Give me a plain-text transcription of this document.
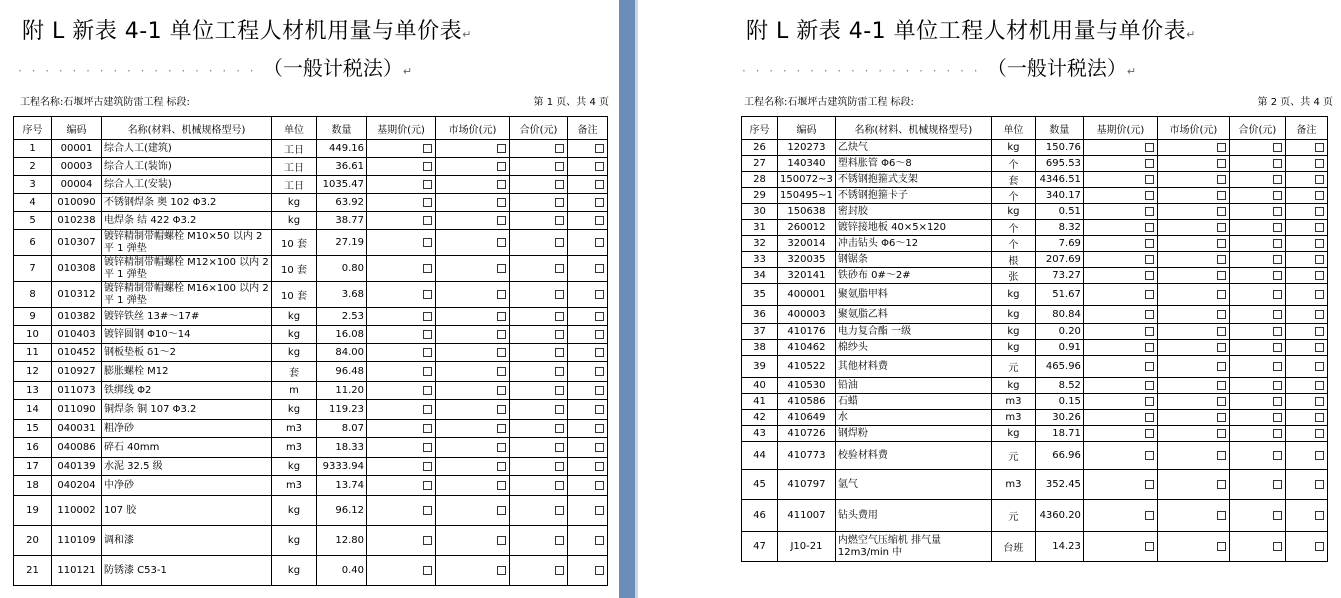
附 L 新表 4-1 单位工程人材机用量与单价表↵
· · · · · · · · · · · · · · · · · · （一般计税法）↵
工程名称:石堰坪古建筑防雷工程 标段:	第 1 页、共 4 页
序号	编码	名称(材料、机械规格型号)	单位	数量	基期价(元)	市场价(元)	合价(元)	备注
1	00001	综合人工(建筑)	工日	449.16				
2	00003	综合人工(装饰)	工日	36.61				
3	00004	综合人工(安装)	工日	1035.47				
4	010090	不锈钢焊条 奥 102 Φ3.2	kg	63.92				
5	010238	电焊条 结 422 Φ3.2	kg	38.77				
6	010307	镀锌精制带帽螺栓 M10×50 以内 2 平 1 弹垫	10 套	27.19				
7	010308	镀锌精制带帽螺栓 M12×100 以内 2 平 1 弹垫	10 套	0.80				
8	010312	镀锌精制带帽螺栓 M16×100 以内 2 平 1 弹垫	10 套	3.68				
9	010382	镀锌铁丝 13#～17#	kg	2.53				
10	010403	镀锌圆钢 Φ10～14	kg	16.08				
11	010452	钢板垫板 δ1～2	kg	84.00				
12	010927	膨胀螺栓 M12	套	96.48				
13	011073	铁绑线 Φ2	m	11.20				
14	011090	铜焊条 铜 107 Φ3.2	kg	119.23				
15	040031	粗净砂	m3	8.07				
16	040086	碎石 40mm	m3	18.33				
17	040139	水泥 32.5 级	kg	9333.94				
18	040204	中净砂	m3	13.74				
19	110002	107 胶	kg	96.12				
20	110109	调和漆	kg	12.80				
21	110121	防锈漆 C53-1	kg	0.40				
附 L 新表 4-1 单位工程人材机用量与单价表↵
· · · · · · · · · · · · · · · · · · （一般计税法）↵
工程名称:石堰坪古建筑防雷工程 标段:	第 2 页、共 4 页
序号	编码	名称(材料、机械规格型号)	单位	数量	基期价(元)	市场价(元)	合价(元)	备注
26	120273	乙炔气	kg	150.76				
27	140340	塑料胀管 Φ6～8	个	695.53				
28	150072~3	不锈钢抱箍式支架	套	4346.51				
29	150495~1	不锈钢抱箍卡子	个	340.17				
30	150638	密封胶	kg	0.51				
31	260012	镀锌接地板 40×5×120	个	8.32				
32	320014	冲击钻头 Φ6～12	个	7.69				
33	320035	钢锯条	根	207.69				
34	320141	铁砂布 0#～2#	张	73.27				
35	400001	聚氨脂甲料	kg	51.67				
36	400003	聚氨脂乙料	kg	80.84				
37	410176	电力复合酯 一级	kg	0.20				
38	410462	棉纱头	kg	0.91				
39	410522	其他材料费	元	465.96				
40	410530	铅油	kg	8.52				
41	410586	石蜡	m3	0.15				
42	410649	水	m3	30.26				
43	410726	钢焊粉	kg	18.71				
44	410773	校验材料费	元	66.96				
45	410797	氩气	m3	352.45				
46	411007	钻头费用	元	4360.20				
47	J10-21	内燃空气压缩机 排气量 12m3/min 中	台班	14.23				
